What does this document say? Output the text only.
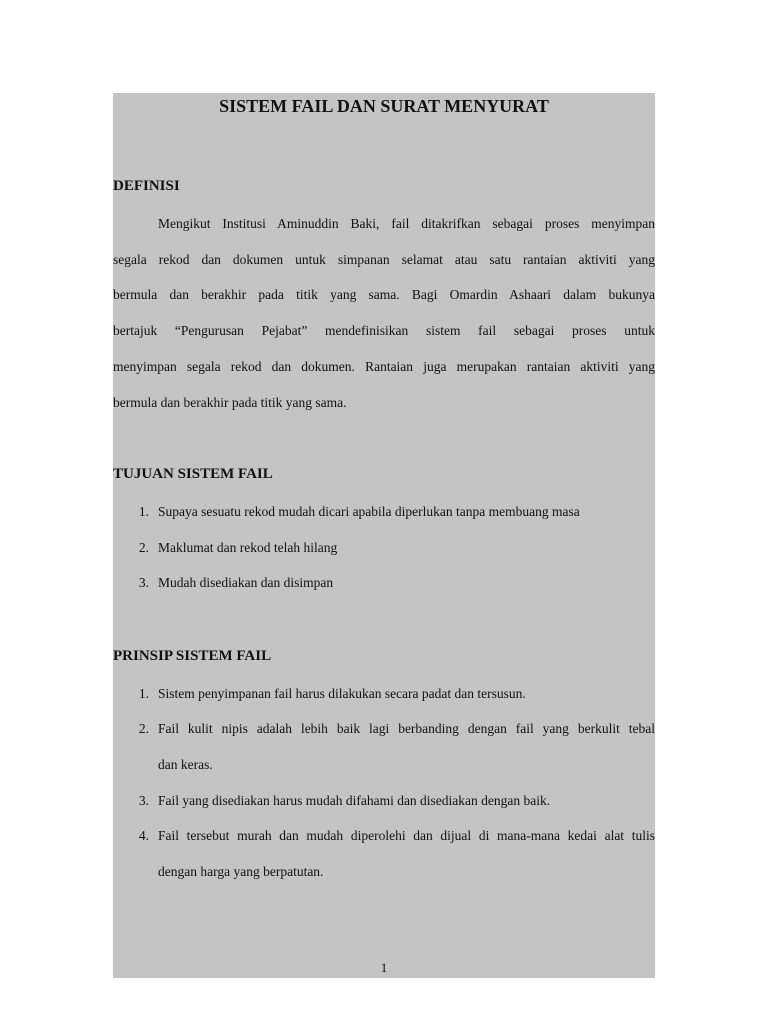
SISTEM FAIL DAN SURAT MENYURAT
DEFINISI
Mengikut Institusi Aminuddin Baki, fail ditakrifkan sebagai proses menyimpan
segala rekod dan dokumen untuk simpanan selamat atau satu rantaian aktiviti yang
bermula dan berakhir pada titik yang sama. Bagi Omardin Ashaari dalam bukunya
bertajuk “Pengurusan Pejabat” mendefinisikan sistem fail sebagai proses untuk
menyimpan segala rekod dan dokumen. Rantaian juga merupakan rantaian aktiviti yang
bermula dan berakhir pada titik yang sama.
TUJUAN SISTEM FAIL
1. Supaya sesuatu rekod mudah dicari apabila diperlukan tanpa membuang masa
2. Maklumat dan rekod telah hilang
3. Mudah disediakan dan disimpan
PRINSIP SISTEM FAIL
1. Sistem penyimpanan fail harus dilakukan secara padat dan tersusun.
2. Fail kulit nipis adalah lebih baik lagi berbanding dengan fail yang berkulit tebal
dan keras.
3. Fail yang disediakan harus mudah difahami dan disediakan dengan baik.
4. Fail tersebut murah dan mudah diperolehi dan dijual di mana-mana kedai alat tulis
dengan harga yang berpatutan.
1
